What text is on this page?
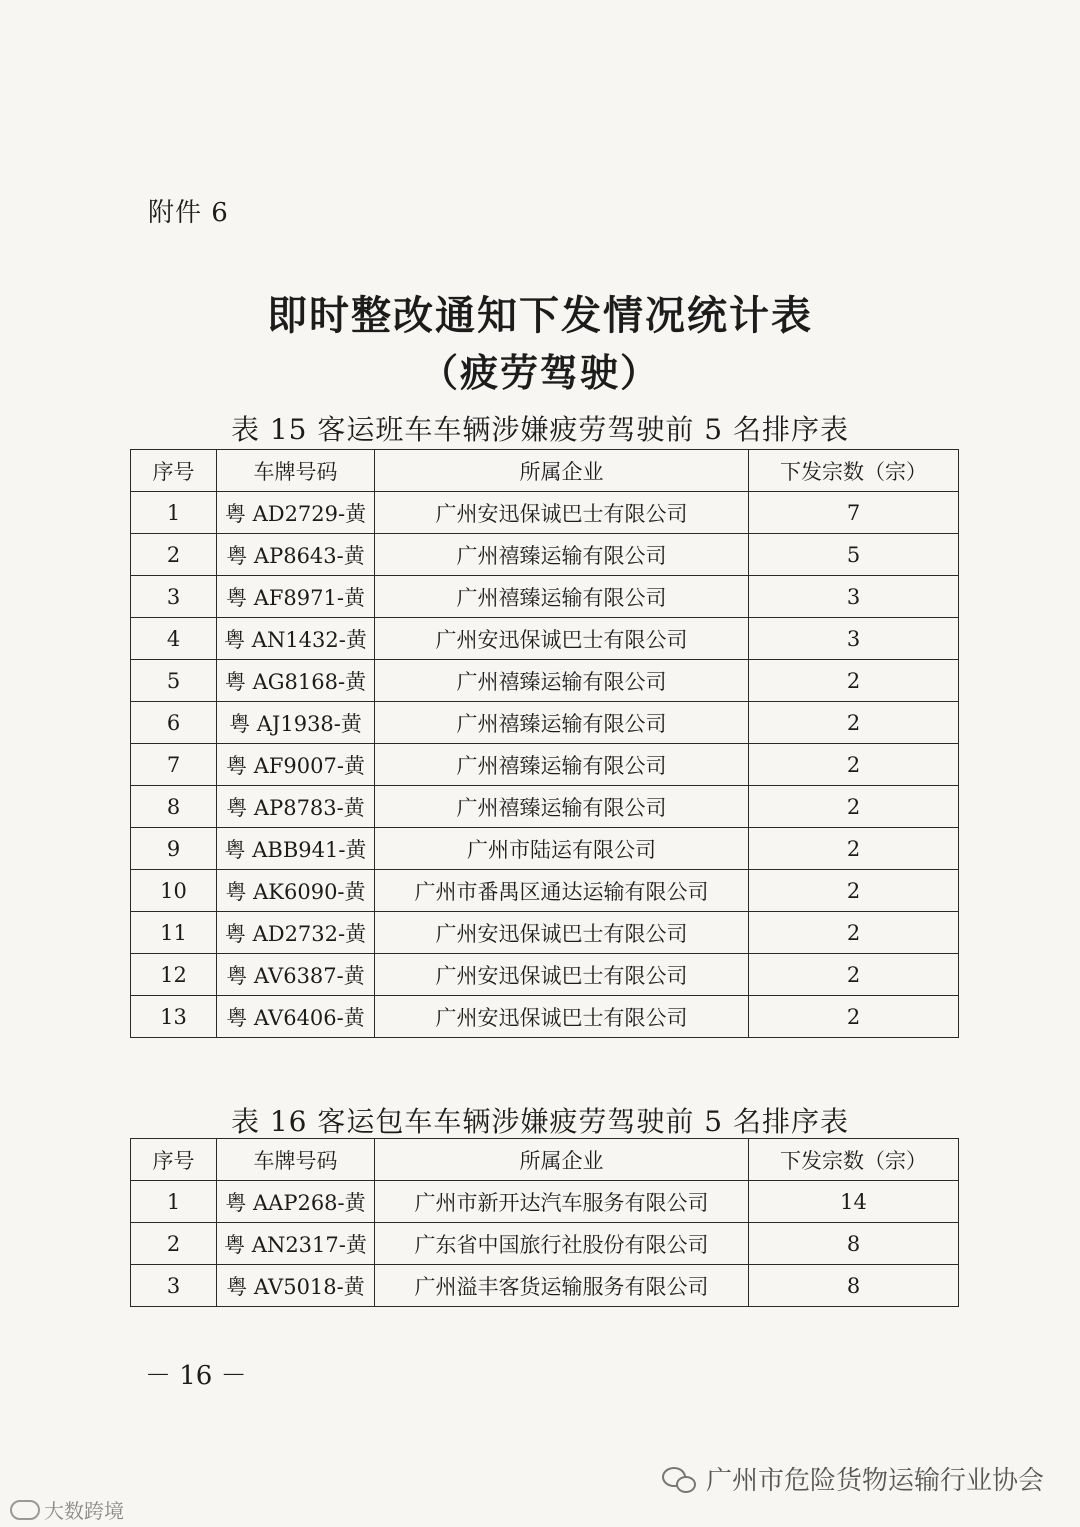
附件 6
即时整改通知下发情况统计表
（疲劳驾驶）
表 15 客运班车车辆涉嫌疲劳驾驶前 5 名排序表
序号	车牌号码	所属企业	下发宗数（宗）
1	粤 AD2729-黄	广州安迅保诚巴士有限公司	7
2	粤 AP8643-黄	广州禧臻运输有限公司	5
3	粤 AF8971-黄	广州禧臻运输有限公司	3
4	粤 AN1432-黄	广州安迅保诚巴士有限公司	3
5	粤 AG8168-黄	广州禧臻运输有限公司	2
6	粤 AJ1938-黄	广州禧臻运输有限公司	2
7	粤 AF9007-黄	广州禧臻运输有限公司	2
8	粤 AP8783-黄	广州禧臻运输有限公司	2
9	粤 ABB941-黄	广州市陆运有限公司	2
10	粤 AK6090-黄	广州市番禺区通达运输有限公司	2
11	粤 AD2732-黄	广州安迅保诚巴士有限公司	2
12	粤 AV6387-黄	广州安迅保诚巴士有限公司	2
13	粤 AV6406-黄	广州安迅保诚巴士有限公司	2
表 16 客运包车车辆涉嫌疲劳驾驶前 5 名排序表
序号	车牌号码	所属企业	下发宗数（宗）
1	粤 AAP268-黄	广州市新开达汽车服务有限公司	14
2	粤 AN2317-黄	广东省中国旅行社股份有限公司	8
3	粤 AV5018-黄	广州溢丰客货运输服务有限公司	8
－ 16 －
广州市危险货物运输行业协会
大数跨境
